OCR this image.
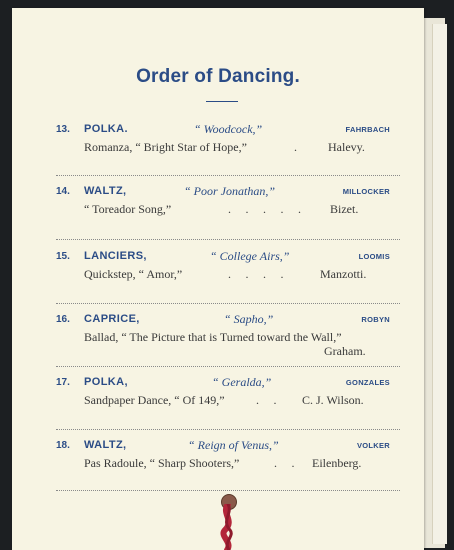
Order of Dancing.
13. POLKA.	“ Woodcock,”	FAHRBACH
Romanza, “ Bright Star of Hope,”	.	Halevy.
14. WALTZ,	“ Poor Jonathan,”	MILLOCKER
“ Toreador Song,”	.    .    .    .    . Bizet.
15. LANCIERS,	“ College Airs,”	LOOMIS
Quickstep, “ Amor,”	.    .    .    .	Manzotti.
16. CAPRICE,	“ Sapho,”	ROBYN
Ballad, “ The Picture that is Turned toward the Wall,”
Graham.
17. POLKA,	“ Geralda,”	GONZALES
Sandpaper Dance, “ Of 149,”	.    . C. J. Wilson.
18. WALTZ,	“ Reign of Venus,”	VOLKER
Pas Radoule, “ Sharp Shooters,”	.    . Eilenberg.
